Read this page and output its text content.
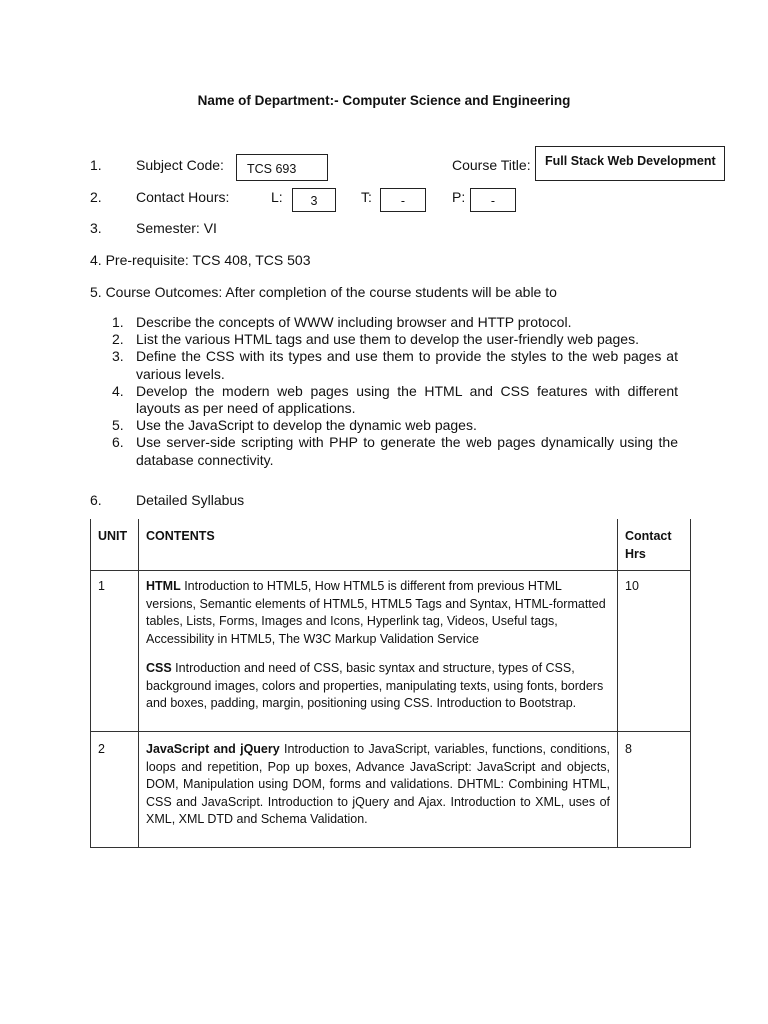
Name of Department:- Computer Science and Engineering
1. Subject Code: TCS 693	Course Title: Full Stack Web Development
2. Contact Hours:	L:	3	T:	-	P:	-
3. Semester: VI
4. Pre-requisite: TCS 408, TCS 503
5. Course Outcomes: After completion of the course students will be able to
1. Describe the concepts of WWW including browser and HTTP protocol.
2. List the various HTML tags and use them to develop the user-friendly web pages.
3. Define the CSS with its types and use them to provide the styles to the web pages at various levels.
4. Develop the modern web pages using the HTML and CSS features with different layouts as per need of applications.
5. Use the JavaScript to develop the dynamic web pages.
6. Use server-side scripting with PHP to generate the web pages dynamically using the database connectivity.
6. Detailed Syllabus
UNIT	CONTENTS	Contact Hrs
1	HTML Introduction to HTML5, How HTML5 is different from previous HTML versions, Semantic elements of HTML5, HTML5 Tags and Syntax, HTML-formatted tables, Lists, Forms, Images and Icons, Hyperlink tag, Videos, Useful tags, Accessibility in HTML5, The W3C Markup Validation Service

CSS Introduction and need of CSS, basic syntax and structure, types of CSS, background images, colors and properties, manipulating texts, using fonts, borders and boxes, padding, margin, positioning using CSS. Introduction to Bootstrap.	10
2	JavaScript and jQuery Introduction to JavaScript, variables, functions, conditions, loops and repetition, Pop up boxes, Advance JavaScript: JavaScript and objects, DOM, Manipulation using DOM, forms and validations. DHTML: Combining HTML, CSS and JavaScript. Introduction to jQuery and Ajax. Introduction to XML, uses of XML, XML DTD and Schema Validation.	8
